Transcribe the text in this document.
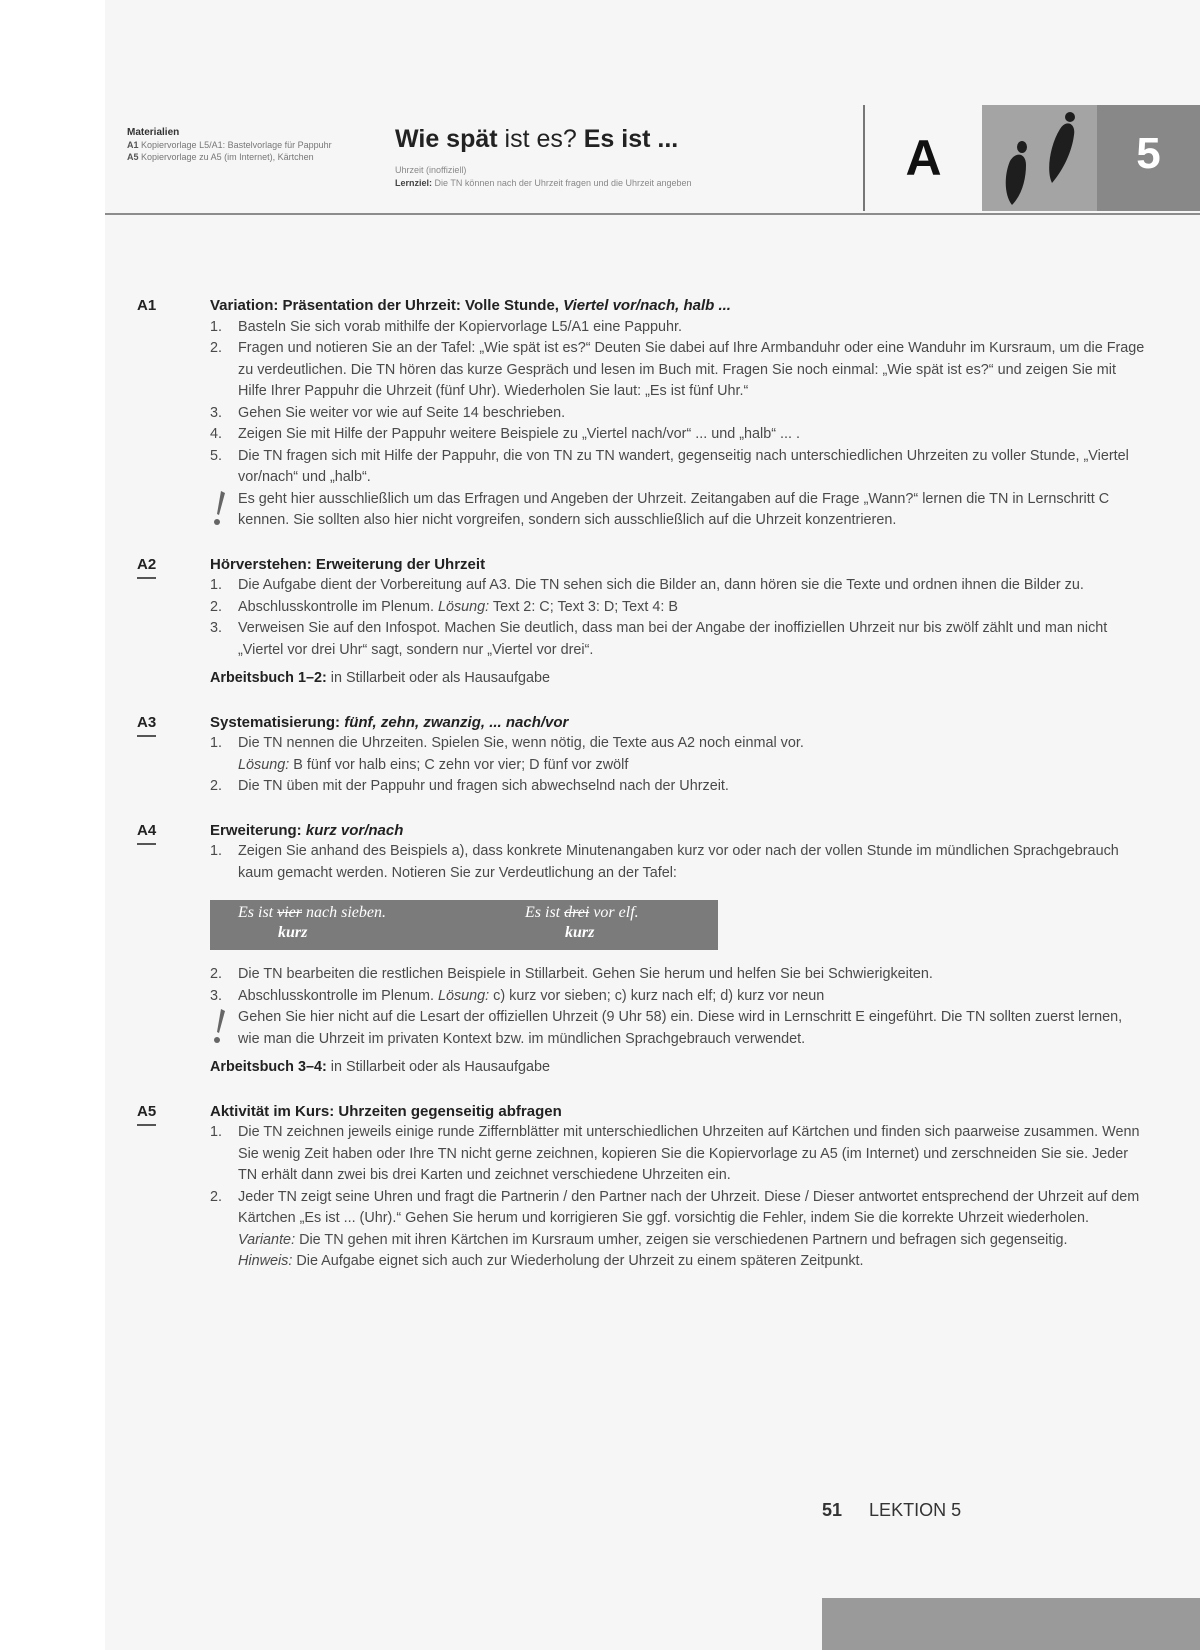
Materialien
A1 Kopiervorlage L5/A1: Bastelvorlage für Pappuhr
A5 Kopiervorlage zu A5 (im Internet), Kärtchen
Wie spät ist es? Es ist ...
Uhrzeit (inoffiziell)
Lernziel: Die TN können nach der Uhrzeit fragen und die Uhrzeit angeben	A	5
A1	Variation: Präsentation der Uhrzeit: Volle Stunde, Viertel vor/nach, halb ...
1. Basteln Sie sich vorab mithilfe der Kopiervorlage L5/A1 eine Pappuhr.
2. Fragen und notieren Sie an der Tafel: „Wie spät ist es?“ Deuten Sie dabei auf Ihre Armbanduhr oder eine Wanduhr im Kursraum, um die Frage zu verdeutlichen. Die TN hören das kurze Gespräch und lesen im Buch mit. Fragen Sie noch einmal: „Wie spät ist es?“ und zeigen Sie mit Hilfe Ihrer Pappuhr die Uhrzeit (fünf Uhr). Wiederholen Sie laut: „Es ist fünf Uhr.“
3. Gehen Sie weiter vor wie auf Seite 14 beschrieben.
4. Zeigen Sie mit Hilfe der Pappuhr weitere Beispiele zu „Viertel nach/vor“ ... und „halb“ ... .
5. Die TN fragen sich mit Hilfe der Pappuhr, die von TN zu TN wandert, gegenseitig nach unterschiedlichen Uhrzeiten zu voller Stunde, „Viertel vor/nach“ und „halb“.
Es geht hier ausschließlich um das Erfragen und Angeben der Uhrzeit. Zeitangaben auf die Frage „Wann?“ lernen die TN in Lernschritt C kennen. Sie sollten also hier nicht vorgreifen, sondern sich ausschließlich auf die Uhrzeit konzentrieren.
A2	Hörverstehen: Erweiterung der Uhrzeit
1. Die Aufgabe dient der Vorbereitung auf A3. Die TN sehen sich die Bilder an, dann hören sie die Texte und ordnen ihnen die Bilder zu.
2. Abschlusskontrolle im Plenum. Lösung: Text 2: C; Text 3: D; Text 4: B
3. Verweisen Sie auf den Infospot. Machen Sie deutlich, dass man bei der Angabe der inoffiziellen Uhrzeit nur bis zwölf zählt und man nicht „Viertel vor drei Uhr“ sagt, sondern nur „Viertel vor drei“.
Arbeitsbuch 1–2: in Stillarbeit oder als Hausaufgabe
A3	Systematisierung: fünf, zehn, zwanzig, ... nach/vor
1. Die TN nennen die Uhrzeiten. Spielen Sie, wenn nötig, die Texte aus A2 noch einmal vor.
Lösung: B fünf vor halb eins; C zehn vor vier; D fünf vor zwölf
2. Die TN üben mit der Pappuhr und fragen sich abwechselnd nach der Uhrzeit.
A4	Erweiterung: kurz vor/nach
1. Zeigen Sie anhand des Beispiels a), dass konkrete Minutenangaben kurz vor oder nach der vollen Stunde im mündlichen Sprachgebrauch kaum gemacht werden. Notieren Sie zur Verdeutlichung an der Tafel:
Es ist vier nach sieben.
kurz
Es ist drei vor elf.
kurz
2. Die TN bearbeiten die restlichen Beispiele in Stillarbeit. Gehen Sie herum und helfen Sie bei Schwierigkeiten.
3. Abschlusskontrolle im Plenum. Lösung: c) kurz vor sieben; c) kurz nach elf; d) kurz vor neun
Gehen Sie hier nicht auf die Lesart der offiziellen Uhrzeit (9 Uhr 58) ein. Diese wird in Lernschritt E eingeführt. Die TN sollten zuerst lernen, wie man die Uhrzeit im privaten Kontext bzw. im mündlichen Sprachgebrauch verwendet.
Arbeitsbuch 3–4: in Stillarbeit oder als Hausaufgabe
A5	Aktivität im Kurs: Uhrzeiten gegenseitig abfragen
1. Die TN zeichnen jeweils einige runde Ziffernblätter mit unterschiedlichen Uhrzeiten auf Kärtchen und finden sich paarweise zusammen. Wenn Sie wenig Zeit haben oder Ihre TN nicht gerne zeichnen, kopieren Sie die Kopiervorlage zu A5 (im Internet) und zerschneiden Sie sie. Jeder TN erhält dann zwei bis drei Karten und zeichnet verschiedene Uhrzeiten ein.
2. Jeder TN zeigt seine Uhren und fragt die Partnerin / den Partner nach der Uhrzeit. Diese / Dieser antwortet entsprechend der Uhrzeit auf dem Kärtchen „Es ist ... (Uhr).“ Gehen Sie herum und korrigieren Sie ggf. vorsichtig die Fehler, indem Sie die korrekte Uhrzeit wiederholen.
Variante: Die TN gehen mit ihren Kärtchen im Kursraum umher, zeigen sie verschiedenen Partnern und befragen sich gegenseitig.
Hinweis: Die Aufgabe eignet sich auch zur Wiederholung der Uhrzeit zu einem späteren Zeitpunkt.
51 LEKTION 5
